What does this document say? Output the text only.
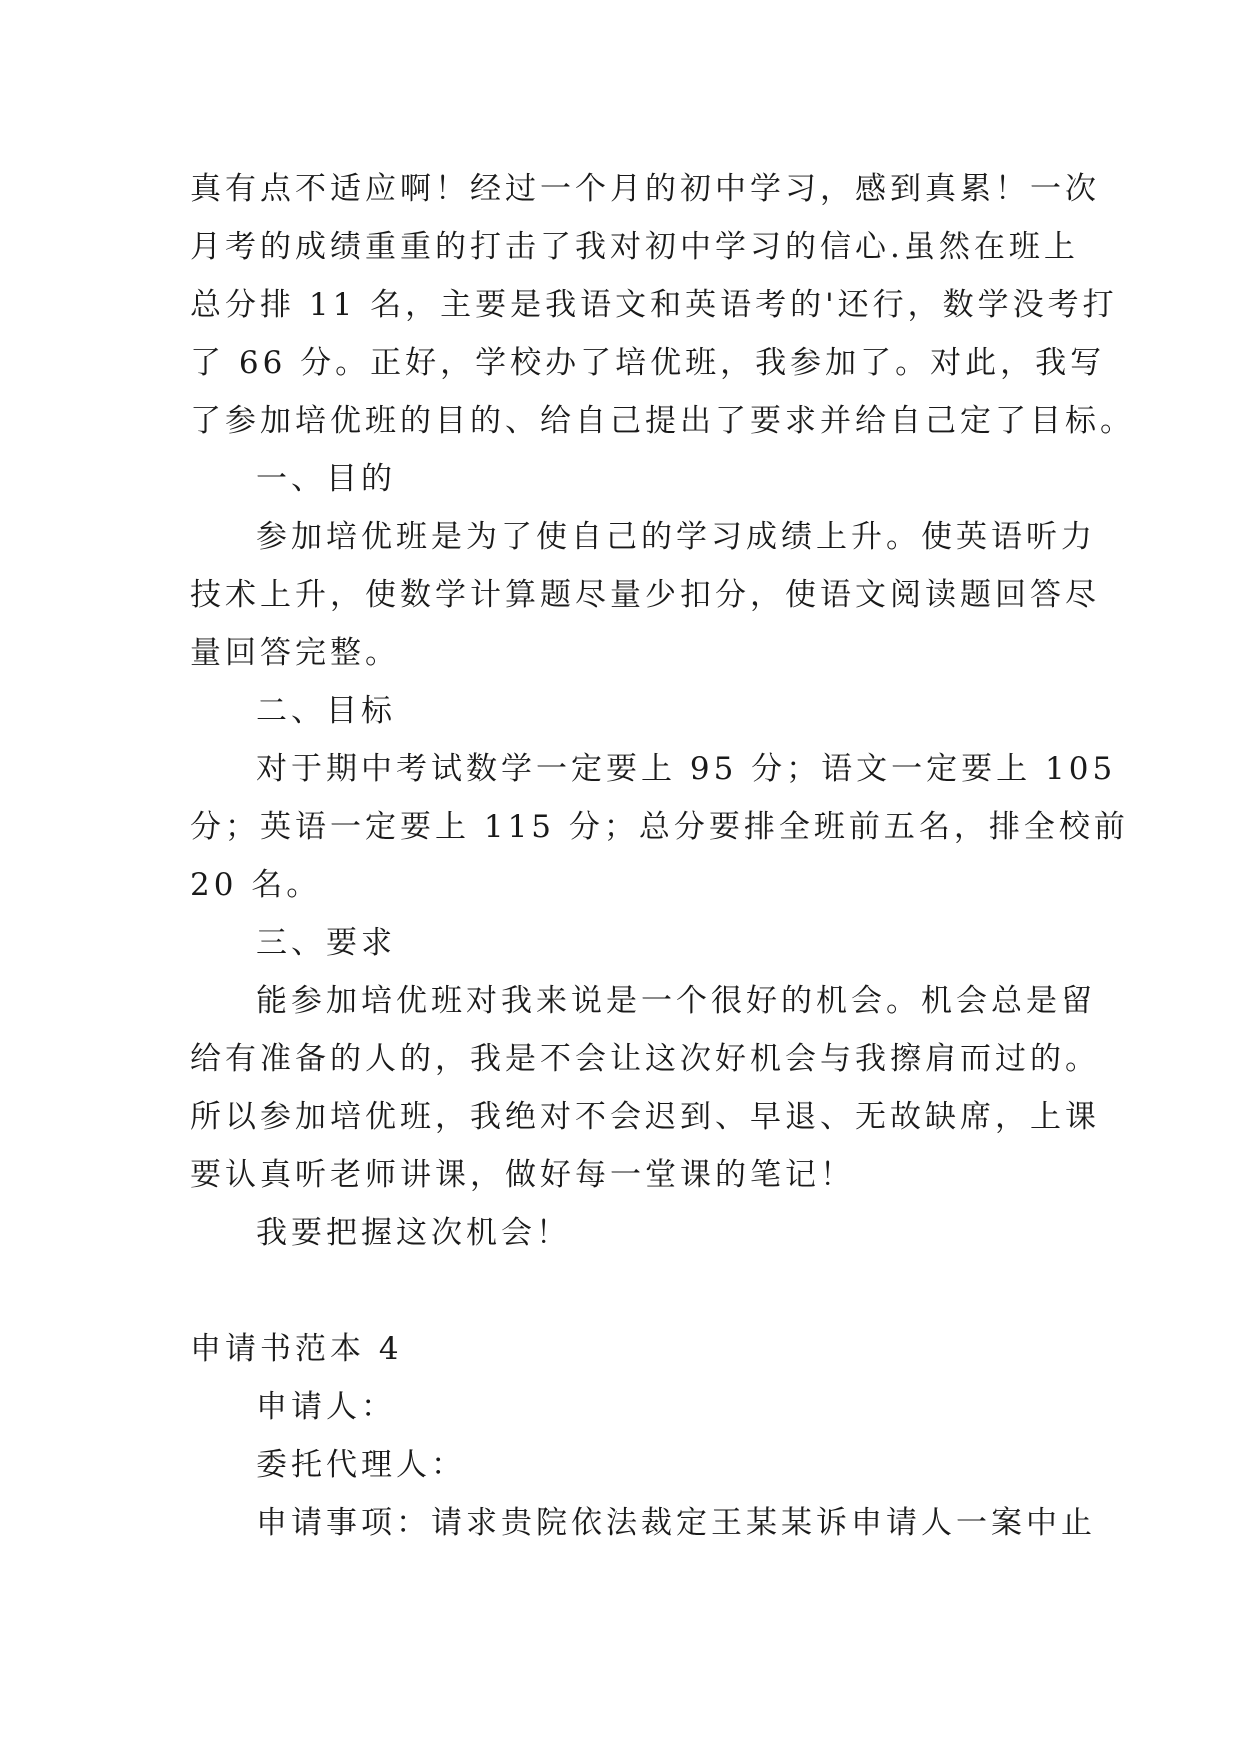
真有点不适应啊！经过一个月的初中学习，感到真累！一次
月考的成绩重重的打击了我对初中学习的信心.虽然在班上
总分排 11 名，主要是我语文和英语考的'还行，数学没考打
了 66 分。正好，学校办了培优班，我参加了。对此，我写
了参加培优班的目的、给自己提出了要求并给自己定了目标。
一、目的
参加培优班是为了使自己的学习成绩上升。使英语听力
技术上升，使数学计算题尽量少扣分，使语文阅读题回答尽
量回答完整。
二、目标
对于期中考试数学一定要上 95 分；语文一定要上 105
分；英语一定要上 115 分；总分要排全班前五名，排全校前
20 名。
三、要求
能参加培优班对我来说是一个很好的机会。机会总是留
给有准备的人的，我是不会让这次好机会与我擦肩而过的。
所以参加培优班，我绝对不会迟到、早退、无故缺席，上课
要认真听老师讲课，做好每一堂课的笔记！
我要把握这次机会！
申请书范本 4
申请人：
委托代理人：
申请事项：请求贵院依法裁定王某某诉申请人一案中止
